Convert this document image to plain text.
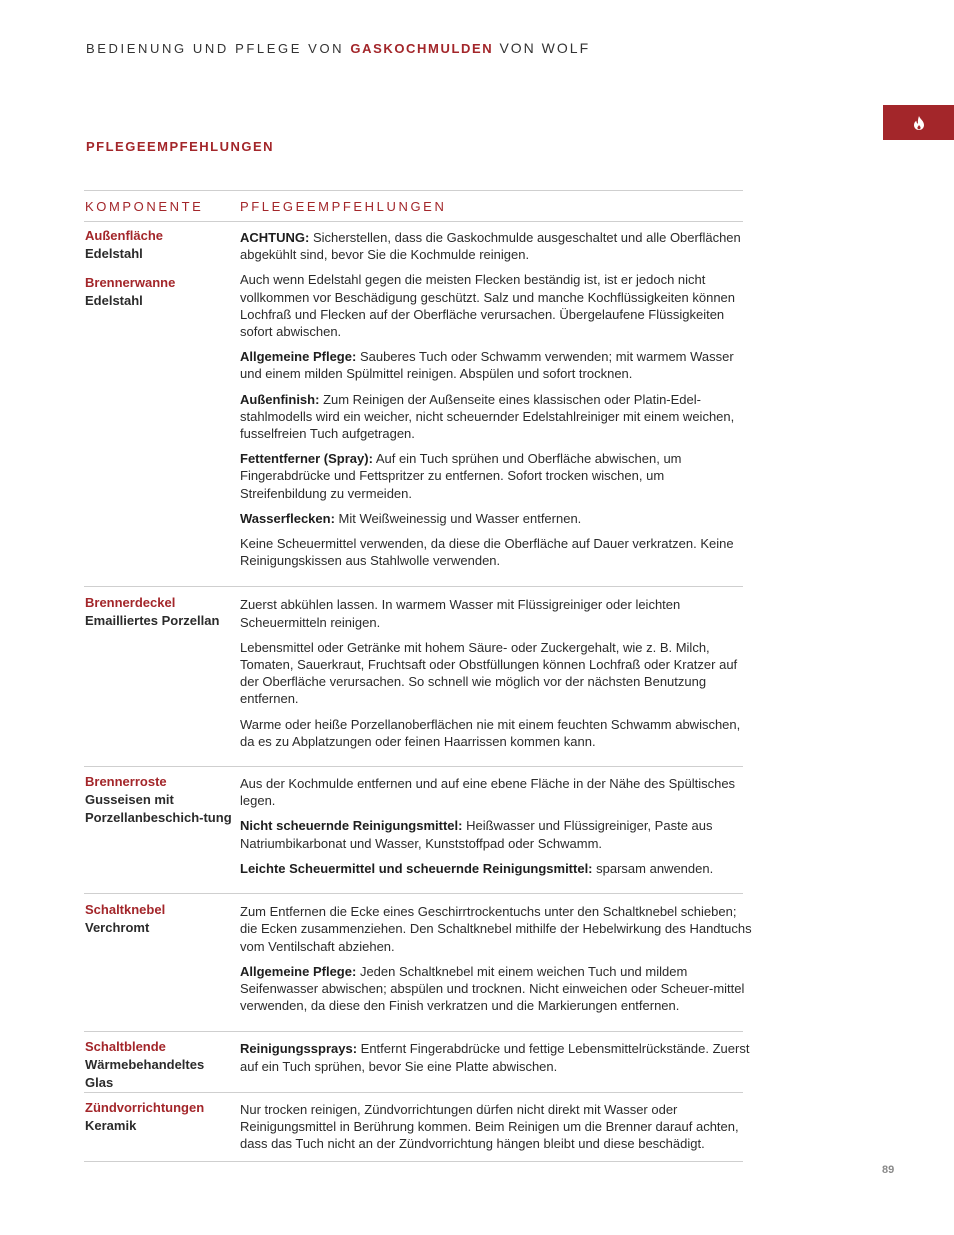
BEDIENUNG UND PFLEGE VON GASKOCHMULDEN VON WOLF
PFLEGEEMPFEHLUNGEN
KOMPONENTE	PFLEGEEMPFEHLUNGEN
Außenfläche
Edelstahl
Brennerwanne
Edelstahl

ACHTUNG: Sicherstellen, dass die Gaskochmulde ausgeschaltet und alle Oberflächen abgekühlt sind, bevor Sie die Kochmulde reinigen.

Auch wenn Edelstahl gegen die meisten Flecken beständig ist, ist er jedoch nicht vollkommen vor Beschädigung geschützt. Salz und manche Kochflüssigkeiten können Lochfraß und Flecken auf der Oberfläche verursachen. Übergelaufene Flüssigkeiten sofort abwischen.

Allgemeine Pflege: Sauberes Tuch oder Schwamm verwenden; mit warmem Wasser und einem milden Spülmittel reinigen. Abspülen und sofort trocknen.

Außenfinish: Zum Reinigen der Außenseite eines klassischen oder Platin-Edel-stahlmodells wird ein weicher, nicht scheuernder Edelstahlreiniger mit einem weichen, fusselfreien Tuch aufgetragen.

Fettentferner (Spray): Auf ein Tuch sprühen und Oberfläche abwischen, um Fingerabdrücke und Fettspritzer zu entfernen. Sofort trocken wischen, um Streifenbildung zu vermeiden.

Wasserflecken: Mit Weißweinessig und Wasser entfernen.

Keine Scheuermittel verwenden, da diese die Oberfläche auf Dauer verkratzen. Keine Reinigungskissen aus Stahlwolle verwenden.

Brennerdeckel
Emailliertes Porzellan

Zuerst abkühlen lassen. In warmem Wasser mit Flüssigreiniger oder leichten Scheuermitteln reinigen.

Lebensmittel oder Getränke mit hohem Säure- oder Zuckergehalt, wie z. B. Milch, Tomaten, Sauerkraut, Fruchtsaft oder Obstfüllungen können Lochfraß oder Kratzer auf der Oberfläche verursachen. So schnell wie möglich vor der nächsten Benutzung entfernen.

Warme oder heiße Porzellanoberflächen nie mit einem feuchten Schwamm abwischen, da es zu Abplatzungen oder feinen Haarrissen kommen kann.

Brennerroste
Gusseisen mit Porzellanbeschich-tung

Aus der Kochmulde entfernen und auf eine ebene Fläche in der Nähe des Spültisches legen.

Nicht scheuernde Reinigungsmittel: Heißwasser und Flüssigreiniger, Paste aus Natriumbikarbonat und Wasser, Kunststoffpad oder Schwamm.

Leichte Scheuermittel und scheuernde Reinigungsmittel: sparsam anwenden.

Schaltknebel
Verchromt

Zum Entfernen die Ecke eines Geschirrtrockentuchs unter den Schaltknebel schieben; die Ecken zusammenziehen. Den Schaltknebel mithilfe der Hebelwirkung des Handtuchs vom Ventilschaft abziehen.

Allgemeine Pflege: Jeden Schaltknebel mit einem weichen Tuch und mildem Seifenwasser abwischen; abspülen und trocknen. Nicht einweichen oder Scheuer-mittel verwenden, da diese den Finish verkratzen und die Markierungen entfernen.

Schaltblende
Wärmebehandeltes Glas

Reinigungssprays: Entfernt Fingerabdrücke und fettige Lebensmittelrückstände. Zuerst auf ein Tuch sprühen, bevor Sie eine Platte abwischen.

Zündvorrichtungen
Keramik

Nur trocken reinigen, Zündvorrichtungen dürfen nicht direkt mit Wasser oder Reinigungsmittel in Berührung kommen. Beim Reinigen um die Brenner darauf achten, dass das Tuch nicht an der Zündvorrichtung hängen bleibt und diese beschädigt.

89
